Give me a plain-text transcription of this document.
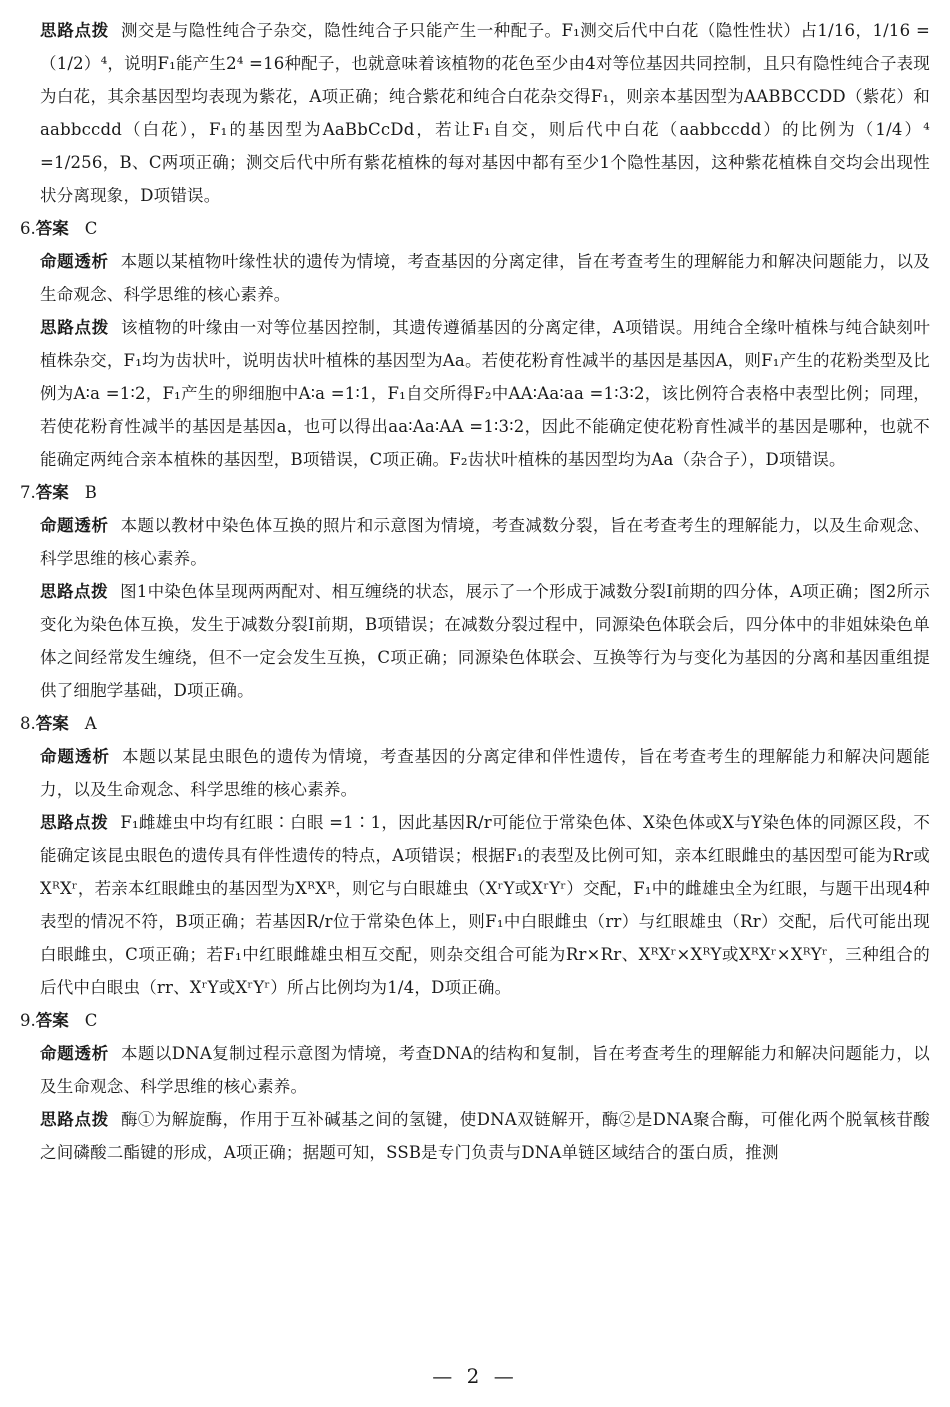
思路点拨 测交是与隐性纯合子杂交，隐性纯合子只能产生一种配子。F₁测交后代中白花（隐性性状）占1/16，1/16 =（1/2）⁴，说明F₁能产生2⁴ =16种配子，也就意味着该植物的花色至少由4对等位基因共同控制，且只有隐性纯合子表现为白花，其余基因型均表现为紫花，A项正确；纯合紫花和纯合白花杂交得F₁，则亲本基因型为AABBCCDD（紫花）和aabbccdd（白花），F₁的基因型为AaBbCcDd，若让F₁自交，则后代中白花（aabbccdd）的比例为（1/4）⁴ =1/256，B、C两项正确；测交后代中所有紫花植株的每对基因中都有至少1个隐性基因，这种紫花植株自交均会出现性状分离现象，D项错误。

6.答案 C

命题透析 本题以某植物叶缘性状的遗传为情境，考查基因的分离定律，旨在考查考生的理解能力和解决问题能力，以及生命观念、科学思维的核心素养。

思路点拨 该植物的叶缘由一对等位基因控制，其遗传遵循基因的分离定律，A项错误。用纯合全缘叶植株与纯合缺刻叶植株杂交，F₁均为齿状叶，说明齿状叶植株的基因型为Aa。若使花粉育性减半的基因是基因A，则F₁产生的花粉类型及比例为A∶a =1∶2，F₁产生的卵细胞中A∶a =1∶1，F₁自交所得F₂中AA∶Aa∶aa =1∶3∶2，该比例符合表格中表型比例；同理，若使花粉育性减半的基因是基因a，也可以得出aa∶Aa∶AA =1∶3∶2，因此不能确定使花粉育性减半的基因是哪种，也就不能确定两纯合亲本植株的基因型，B项错误，C项正确。F₂齿状叶植株的基因型均为Aa（杂合子），D项错误。

7.答案 B

命题透析 本题以教材中染色体互换的照片和示意图为情境，考查减数分裂，旨在考查考生的理解能力，以及生命观念、科学思维的核心素养。

思路点拨 图1中染色体呈现两两配对、相互缠绕的状态，展示了一个形成于减数分裂Ⅰ前期的四分体，A项正确；图2所示变化为染色体互换，发生于减数分裂Ⅰ前期，B项错误；在减数分裂过程中，同源染色体联会后，四分体中的非姐妹染色单体之间经常发生缠绕，但不一定会发生互换，C项正确；同源染色体联会、互换等行为与变化为基因的分离和基因重组提供了细胞学基础，D项正确。

8.答案 A

命题透析 本题以某昆虫眼色的遗传为情境，考查基因的分离定律和伴性遗传，旨在考查考生的理解能力和解决问题能力，以及生命观念、科学思维的核心素养。

思路点拨 F₁雌雄虫中均有红眼∶白眼 =1∶1，因此基因R/r可能位于常染色体、X染色体或X与Y染色体的同源区段，不能确定该昆虫眼色的遗传具有伴性遗传的特点，A项错误；根据F₁的表型及比例可知，亲本红眼雌虫的基因型可能为Rr或XᴿXʳ，若亲本红眼雌虫的基因型为XᴿXᴿ，则它与白眼雄虫（XʳY或XʳYʳ）交配，F₁中的雌雄虫全为红眼，与题干出现4种表型的情况不符，B项正确；若基因R/r位于常染色体上，则F₁中白眼雌虫（rr）与红眼雄虫（Rr）交配，后代可能出现白眼雌虫，C项正确；若F₁中红眼雌雄虫相互交配，则杂交组合可能为Rr×Rr、XᴿXʳ×XᴿY或XᴿXʳ×XᴿYʳ，三种组合的后代中白眼虫（rr、XʳY或XʳYʳ）所占比例均为1/4，D项正确。

9.答案 C

命题透析 本题以DNA复制过程示意图为情境，考查DNA的结构和复制，旨在考查考生的理解能力和解决问题能力，以及生命观念、科学思维的核心素养。

思路点拨 酶①为解旋酶，作用于互补碱基之间的氢键，使DNA双链解开，酶②是DNA聚合酶，可催化两个脱氧核苷酸之间磷酸二酯键的形成，A项正确；据题可知，SSB是专门负责与DNA单链区域结合的蛋白质，推测

— 2 —
